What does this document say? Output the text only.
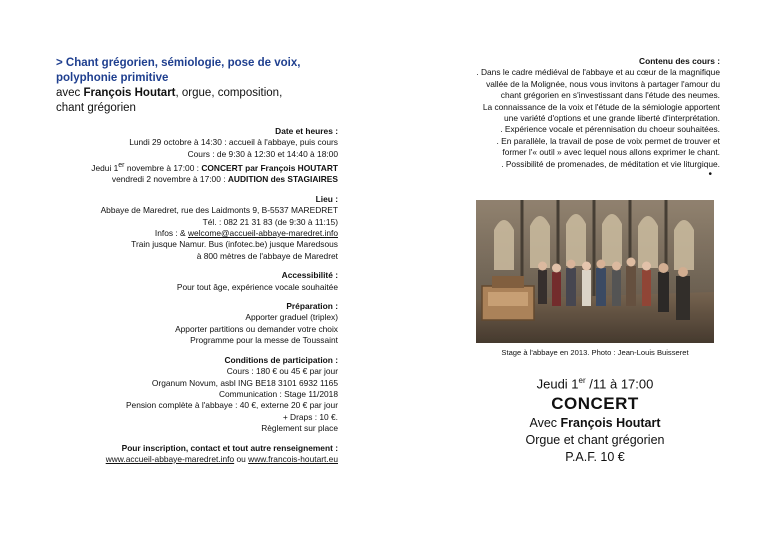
> Chant grégorien, sémiologie, pose de voix,
polyphonie primitive
avec François Houtart, orgue, composition,
chant grégorien
Date et heures :
Lundi 29 octobre à 14:30 : accueil à l'abbaye, puis cours
Cours : de 9:30 à 12:30 et 14:40 à 18:00
Jedui 1er novembre à 17:00 : CONCERT par François HOUTART
vendredi 2 novembre à 17:00 : AUDITION des STAGIAIRES
Lieu :
Abbaye de Maredret, rue des Laidmonts 9, B-5537 MAREDRET
Tél. : 082 21 31 83 (de 9:30 à 11:15)
Infos : & welcome@accueil-abbaye-maredret.info
Train jusque Namur. Bus (infotec.be) jusque Maredsous
à 800 mètres de l'abbaye de Maredret
Accessibilité :
Pour tout âge, expérience vocale souhaitée
Préparation :
Apporter graduel (triplex)
Apporter partitions ou demander votre choix
Programme pour la messe de Toussaint
Conditions de participation :
Cours : 180 € ou 45 € par jour
Organum Novum, asbl ING BE18 3101 6932 1165
Communication : Stage 11/2018
Pension complète à l'abbaye : 40 €, externe 20 € par jour
+ Draps : 10 €.
Règlement sur place
Pour inscription, contact et tout autre renseignement :
www.accueil-abbaye-maredret.info ou www.francois-houtart.eu
Contenu des cours :
. Dans le cadre médiéval de l'abbaye et au cœur de la magnifique
vallée de la Molignée, nous vous invitons à partager l'amour du
chant grégorien en s'investissant dans l'étude des neumes.
La connaissance de la voix et l'étude de la sémiologie apportent
une variété d'options et une grande liberté d'interprétation.
. Expérience vocale et pérennisation du choeur souhaitées.
. En parallèle, la travail de pose de voix permet de trouver et
former l'« outil » avec lequel nous allons exprimer le chant.
. Possibilité de promenades, de méditation et vie liturgique.
•
Stage à l'abbaye en 2013. Photo : Jean-Louis Buisseret
Jeudi 1er /11 à 17:00
CONCERT
Avec François Houtart
Orgue et chant grégorien
P.A.F. 10 €
